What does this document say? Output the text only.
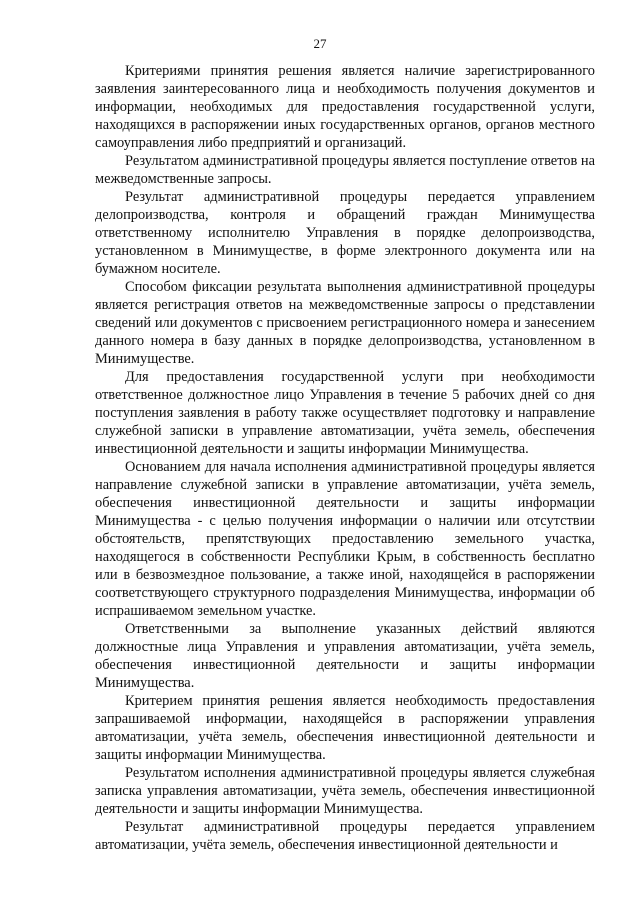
27

Критериями принятия решения является наличие зарегистрированного заявления заинтересованного лица и необходимость получения документов и информации, необходимых для предоставления государственной услуги, находящихся в распоряжении иных государственных органов, органов местного самоуправления либо предприятий и организаций.

Результатом административной процедуры является поступление ответов на межведомственные запросы.

Результат административной процедуры передается управлением делопроизводства, контроля и обращений граждан Минимущества ответственному исполнителю Управления в порядке делопроизводства, установленном в Минимуществе, в форме электронного документа или на бумажном носителе.

Способом фиксации результата выполнения административной процедуры является регистрация ответов на межведомственные запросы о представлении сведений или документов с присвоением регистрационного номера и занесением данного номера в базу данных в порядке делопроизводства, установленном в Минимуществе.

Для предоставления государственной услуги при необходимости ответственное должностное лицо Управления в течение 5 рабочих дней со дня поступления заявления в работу также осуществляет подготовку и направление служебной записки в управление автоматизации, учёта земель, обеспечения инвестиционной деятельности и защиты информации Минимущества.

Основанием для начала исполнения административной процедуры является направление служебной записки в управление автоматизации, учёта земель, обеспечения инвестиционной деятельности и защиты информации Минимущества - с целью получения информации о наличии или отсутствии обстоятельств, препятствующих предоставлению земельного участка, находящегося в собственности Республики Крым, в собственность бесплатно или в безвозмездное пользование, а также иной, находящейся в распоряжении соответствующего структурного подразделения Минимущества, информации об испрашиваемом земельном участке.

Ответственными за выполнение указанных действий являются должностные лица Управления и управления автоматизации, учёта земель, обеспечения инвестиционной деятельности и защиты информации Минимущества.

Критерием принятия решения является необходимость предоставления запрашиваемой информации, находящейся в распоряжении управления автоматизации, учёта земель, обеспечения инвестиционной деятельности и защиты информации Минимущества.

Результатом исполнения административной процедуры является служебная записка управления автоматизации, учёта земель, обеспечения инвестиционной деятельности и защиты информации Минимущества.

Результат административной процедуры передается управлением автоматизации, учёта земель, обеспечения инвестиционной деятельности и
